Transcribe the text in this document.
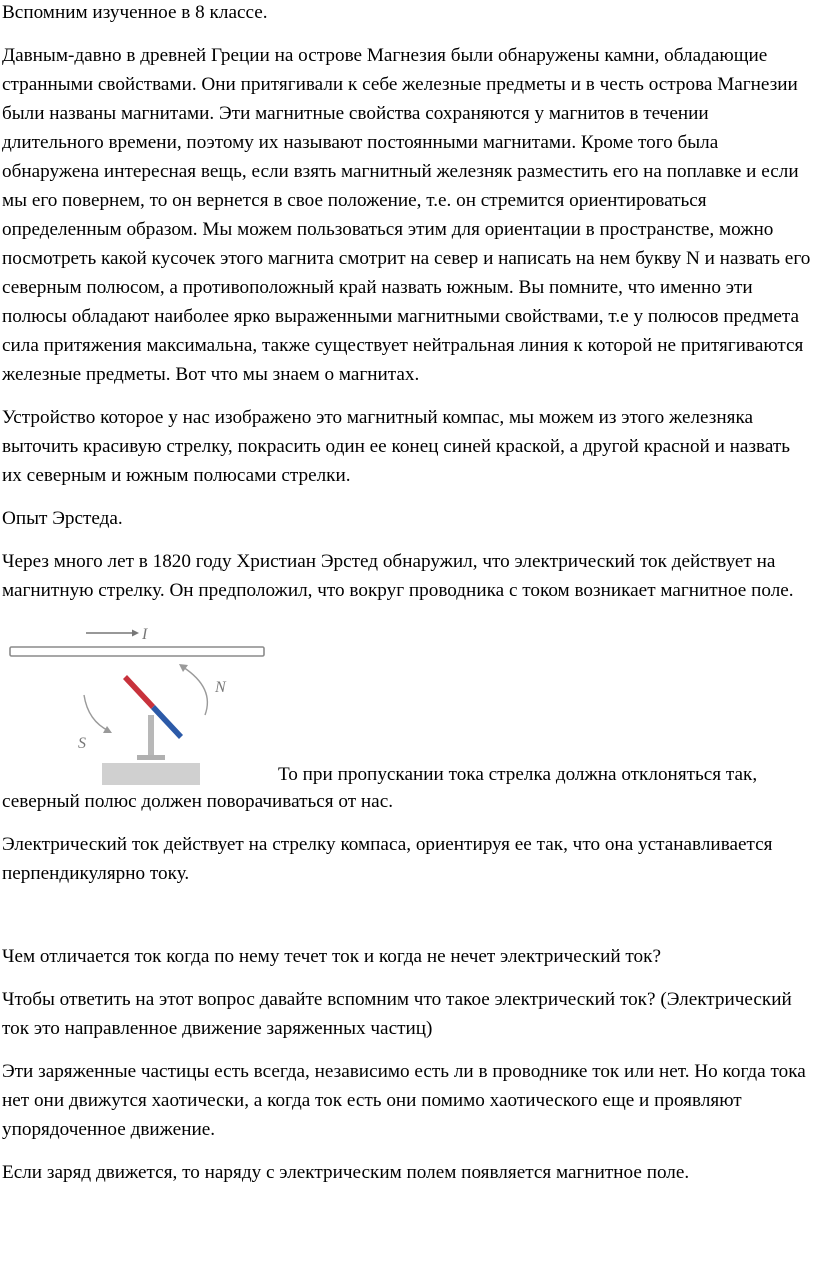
Вспомним изученное в 8 классе.

Давным-давно в древней Греции на острове Магнезия были обнаружены камни, обладающие странными свойствами. Они притягивали к себе железные предметы и в честь острова Магнезии были названы магнитами. Эти магнитные свойства сохраняются у магнитов в течении длительного времени, поэтому их называют постоянными магнитами. Кроме того была обнаружена интересная вещь, если взять магнитный железняк разместить его на поплавке и если мы его повернем, то он вернется в свое положение, т.е. он стремится ориентироваться определенным образом. Мы можем пользоваться этим для ориентации в пространстве, можно посмотреть какой кусочек этого магнита смотрит на север и написать на нем букву N и назвать его северным полюсом, а противоположный край назвать южным. Вы помните, что именно эти полюсы обладают наиболее ярко выраженными магнитными свойствами, т.е у полюсов предмета сила притяжения максимальна, также существует нейтральная линия к которой не притягиваются железные предметы. Вот что мы знаем о магнитах.

Устройство которое у нас изображено это магнитный компас, мы можем из этого железняка выточить красивую стрелку, покрасить один ее конец синей краской, а другой красной и назвать их северным и южным полюсами стрелки.

Опыт Эрстеда.

Через много лет в 1820 году Христиан Эрстед обнаружил, что электрический ток действует на магнитную стрелку. Он предположил, что вокруг проводника с током возникает магнитное поле.

I
N
S
То при пропускании тока стрелка должна отклоняться так,

северный полюс должен поворачиваться от нас.

Электрический ток действует на стрелку компаса, ориентируя ее так, что она устанавливается перпендикулярно току.

Чем отличается ток когда по нему течет ток и когда не нечет электрический ток?

Чтобы ответить на этот вопрос давайте вспомним что такое электрический ток? (Электрический ток это направленное движение заряженных частиц)

Эти заряженные частицы есть всегда, независимо есть ли в проводнике ток или нет. Но когда тока нет они движутся хаотически, а когда ток есть они помимо хаотического еще и проявляют упорядоченное движение.

Если заряд движется, то наряду с электрическим полем появляется магнитное поле.
